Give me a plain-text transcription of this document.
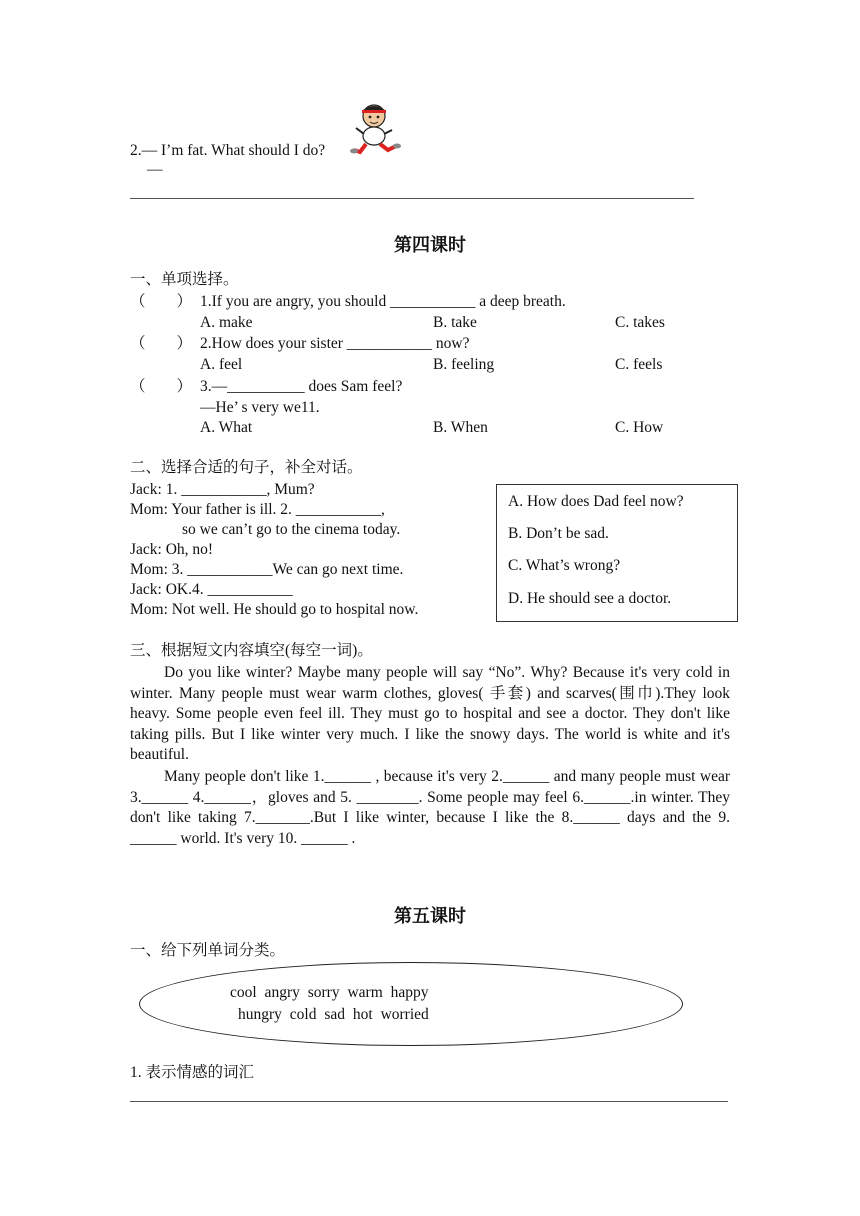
2.— I’m fat. What should I do?
—
第四课时
一、单项选择。
（　　） 1.If you are angry, you should ___________ a deep breath.
A. make	B. take	C. takes
（　　） 2.How does your sister ___________ now?
A. feel	B. feeling	C. feels
（　　） 3.—__________ does Sam feel?
—He’ s very we11.
A. What	B. When	C. How
二、选择合适的句子，补全对话。
Jack: 1. ___________, Mum?
Mom: Your father is ill. 2. ___________,
so we can’t go to the cinema today.
Jack: Oh, no!
Mom: 3. ___________We can go next time.
Jack: OK.4. ___________
Mom: Not well. He should go to hospital now.
A. How does Dad feel now?
B. Don’t be sad.
C. What’s wrong?
D. He should see a doctor.
三、根据短文内容填空(每空一词)。
Do you like winter? Maybe many people will say “No”. Why? Because it's very cold in winter. Many people must wear warm clothes, gloves( 手套) and scarves(围巾).They look heavy. Some people even feel ill. They must go to hospital and see a doctor. They don't like taking pills. But I like winter very much. I like the snowy days. The world is white and it's beautiful.
Many people don't like 1.______ , because it's very 2.______ and many people must wear 3.______ 4.______，gloves and 5. ________. Some people may feel 6.______.in winter. They don't like taking 7._______.But I like winter, because I like the 8.______ days and the 9. ______ world. It's very 10. ______ .
第五课时
一、给下列单词分类。
cool angry sorry warm happy
hungry cold sad hot worried
1. 表示情感的词汇
